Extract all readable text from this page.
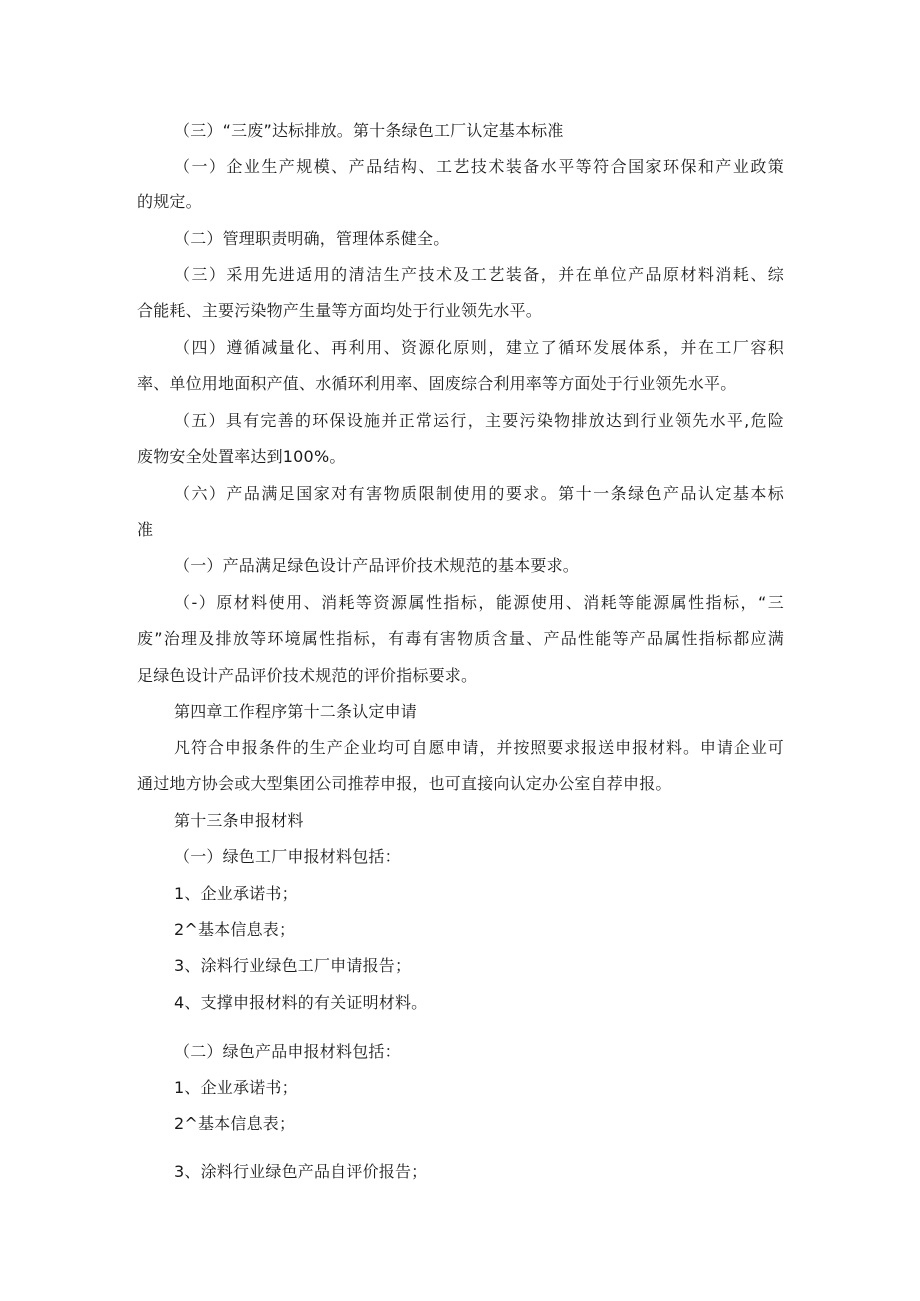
（三）“三废”达标排放。第十条绿色工厂认定基本标准

（一）企业生产规模、产品结构、工艺技术装备水平等符合国家环保和产业政策

的规定。

（二）管理职责明确，管理体系健全。

（三）采用先进适用的清洁生产技术及工艺装备，并在单位产品原材料消耗、综

合能耗、主要污染物产生量等方面均处于行业领先水平。

（四）遵循减量化、再利用、资源化原则，建立了循环发展体系，并在工厂容积

率、单位用地面积产值、水循环利用率、固废综合利用率等方面处于行业领先水平。

（五）具有完善的环保设施并正常运行，主要污染物排放达到行业领先水平,危险

废物安全处置率达到100%。

（六）产品满足国家对有害物质限制使用的要求。第十一条绿色产品认定基本标

准

（一）产品满足绿色设计产品评价技术规范的基本要求。

（-）原材料使用、消耗等资源属性指标，能源使用、消耗等能源属性指标，“三

废”治理及排放等环境属性指标，有毒有害物质含量、产品性能等产品属性指标都应满

足绿色设计产品评价技术规范的评价指标要求。

第四章工作程序第十二条认定申请

凡符合申报条件的生产企业均可自愿申请，并按照要求报送申报材料。申请企业可

通过地方协会或大型集团公司推荐申报，也可直接向认定办公室自荐申报。

第十三条申报材料

（一）绿色工厂申报材料包括：

1、企业承诺书；

2^基本信息表；

3、涂料行业绿色工厂申请报告；

4、支撑申报材料的有关证明材料。

（二）绿色产品申报材料包括：

1、企业承诺书；

2^基本信息表；

3、涂料行业绿色产品自评价报告；
